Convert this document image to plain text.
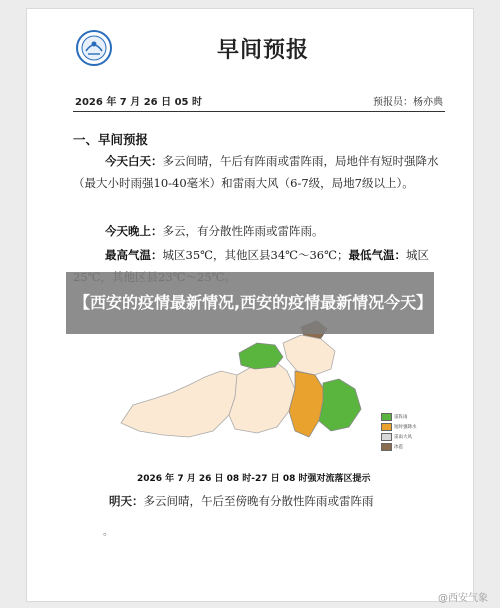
早间预报
2026 年 7 月 26 日 05 时	预报员：杨亦典
一、早间预报
今天白天：多云间晴，午后有阵雨或雷阵雨，局地伴有短时强降水（最大小时雨强10-40毫米）和雷雨大风（6-7级，局地7级以上）。
今天晚上：多云，有分散性阵雨或雷阵雨。
最高气温：城区35℃，其他区县34℃～36℃；最低气温：城区
雷阵雨
短时强降水
雷雨大风
冰雹
2026 年 7 月 26 日 08 时-27 日 08 时强对流落区提示
明天：多云间晴，午后至傍晚有分散性阵雨或雷阵雨
。
【西安的疫情最新情况,西安的疫情最新情况今天】
@西安气象
